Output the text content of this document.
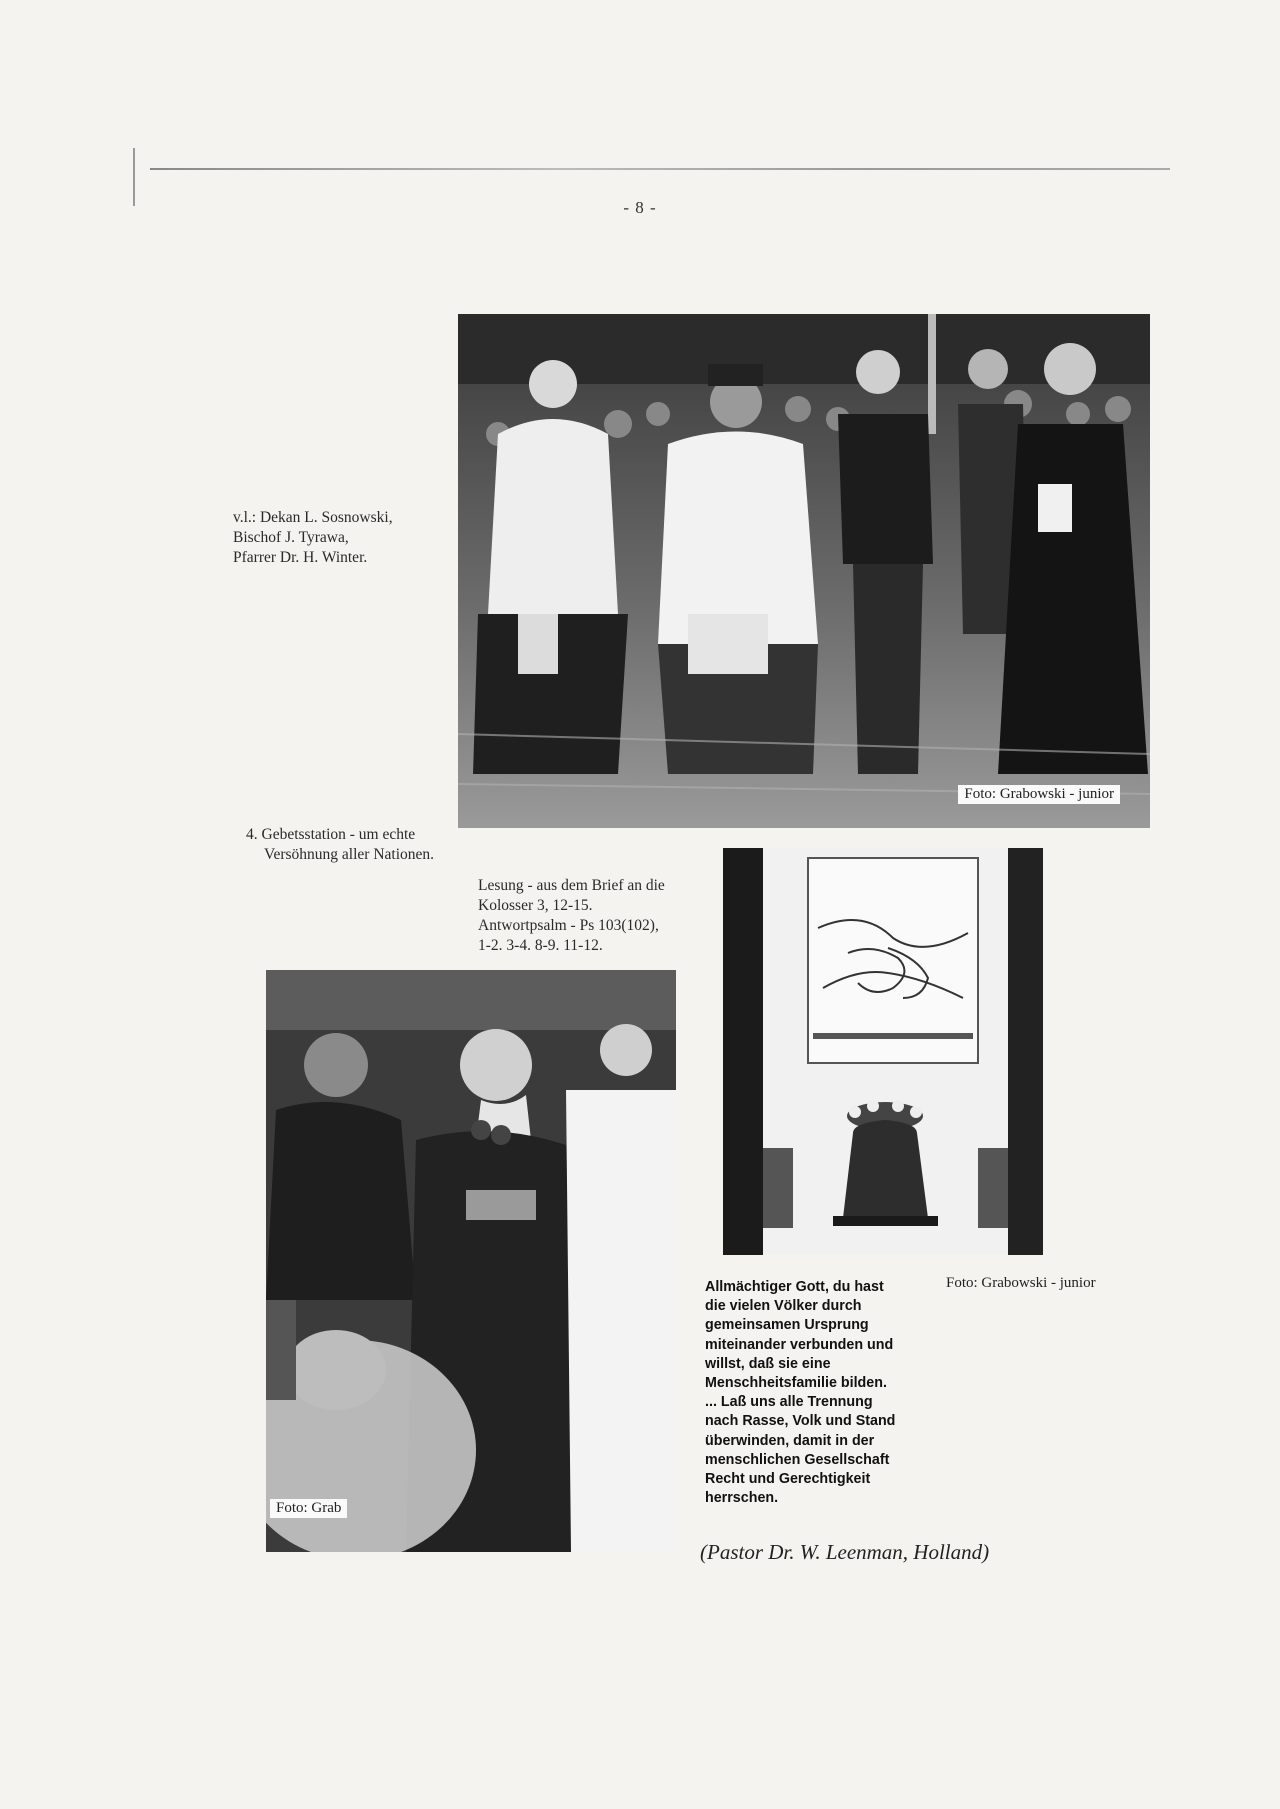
- 8 -
Foto: Grabowski - junior
v.l.: Dekan L. Sosnowski,
Bischof J. Tyrawa,
Pfarrer Dr. H. Winter.
4. Gebetsstation - um echte
Versöhnung aller Nationen.
Lesung - aus dem Brief an die
Kolosser 3, 12-15.
Antwortpsalm - Ps 103(102),
1-2. 3-4. 8-9. 11-12.
Foto: Grabowski - junior
Foto: Grab
Allmächtiger Gott, du hast
die vielen Völker durch
gemeinsamen Ursprung
miteinander verbunden und
willst, daß sie eine
Menschheitsfamilie bilden.
... Laß uns alle Trennung
nach Rasse, Volk und Stand
überwinden, damit in der
menschlichen Gesellschaft
Recht und Gerechtigkeit
herrschen.
(Pastor Dr. W. Leenman, Holland)
